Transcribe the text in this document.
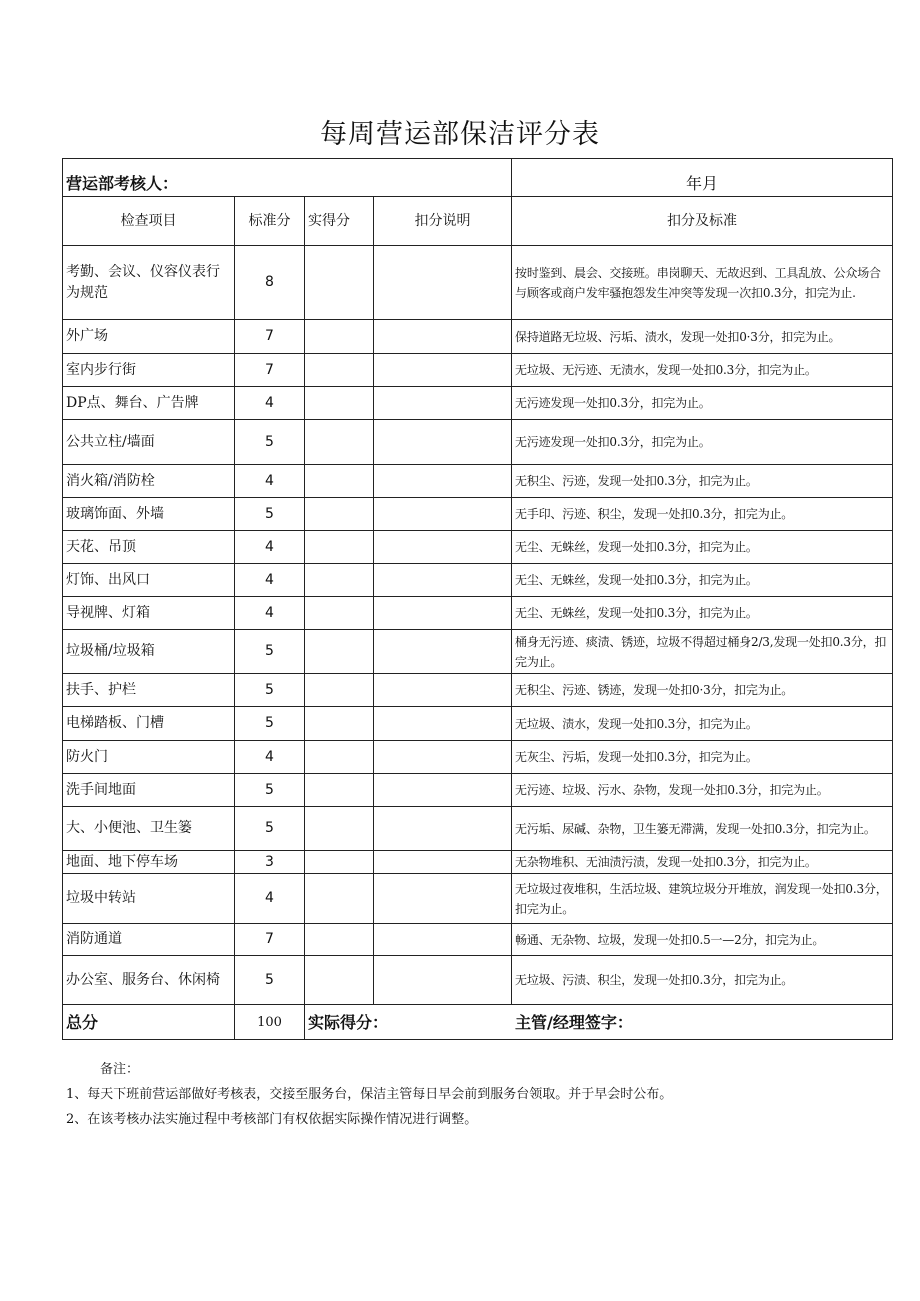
每周营运部保洁评分表
营运部考核人：				年月
检查项目	标准分	实得分	扣分说明	扣分及标准
考勤、会议、仪容仪表行为规范	8			按时鉴到、晨会、交接班。串岗聊天、无故迟到、工具乱放、公众场合与顾客或商户发牢骚抱怨发生冲突等发现一次扣0.3分，扣完为止.
外广场	7			保持道路无垃圾、污垢、渍水，发现一处扣0·3分，扣完为止。
室内步行街	7			无垃圾、无污迹、无渍水，发现一处扣0.3分，扣完为止。
DP点、舞台、广告牌	4			无污迹发现一处扣0.3分，扣完为止。
公共立柱/墙面	5			无污迹发现一处扣0.3分，扣完为止。
消火箱/消防栓	4			无积尘、污迹，发现一处扣0.3分，扣完为止。
玻璃饰面、外墙	5			无手印、污迹、积尘，发现一处扣0.3分，扣完为止。
天花、吊顶	4			无尘、无蛛丝，发现一处扣0.3分，扣完为止。
灯饰、出风口	4			无尘、无蛛丝，发现一处扣0.3分，扣完为止。
导视牌、灯箱	4			无尘、无蛛丝，发现一处扣0.3分，扣完为止。
垃圾桶/垃圾箱	5			桶身无污迹、痰渍、锈迹，垃圾不得超过桶身2/3,发现一处扣0.3分，扣完为止。
扶手、护栏	5			无积尘、污迹、锈迹，发现一处扣0·3分，扣完为止。
电梯踏板、门槽	5			无垃圾、渍水，发现一处扣0.3分，扣完为止。
防火门	4			无灰尘、污垢，发现一处扣0.3分，扣完为止。
洗手间地面	5			无污迹、垃圾、污水、杂物，发现一处扣0.3分，扣完为止。
大、小便池、卫生篓	5			无污垢、尿碱、杂物，卫生篓无滞满，发现一处扣0.3分，扣完为止。
地面、地下停车场	3			无杂物堆积、无油渍污渍，发现一处扣0.3分，扣完为止。
垃圾中转站	4			无垃圾过夜堆积，生活垃圾、建筑垃圾分开堆放，润发现一处扣0.3分，扣完为止。
消防通道	7			畅通、无杂物、垃圾，发现一处扣0.5一—2分，扣完为止。
办公室、服务台、休闲椅	5			无垃圾、污渍、积尘，发现一处扣0.3分，扣完为止。
总分	100	实际得分：		主管/经理签字：
备注：
1、每天下班前营运部做好考核表，交接至服务台，保洁主管每日早会前到服务台领取。并于早会时公布。
2、在该考核办法实施过程中考核部门有权依据实际操作情况进行调整。
